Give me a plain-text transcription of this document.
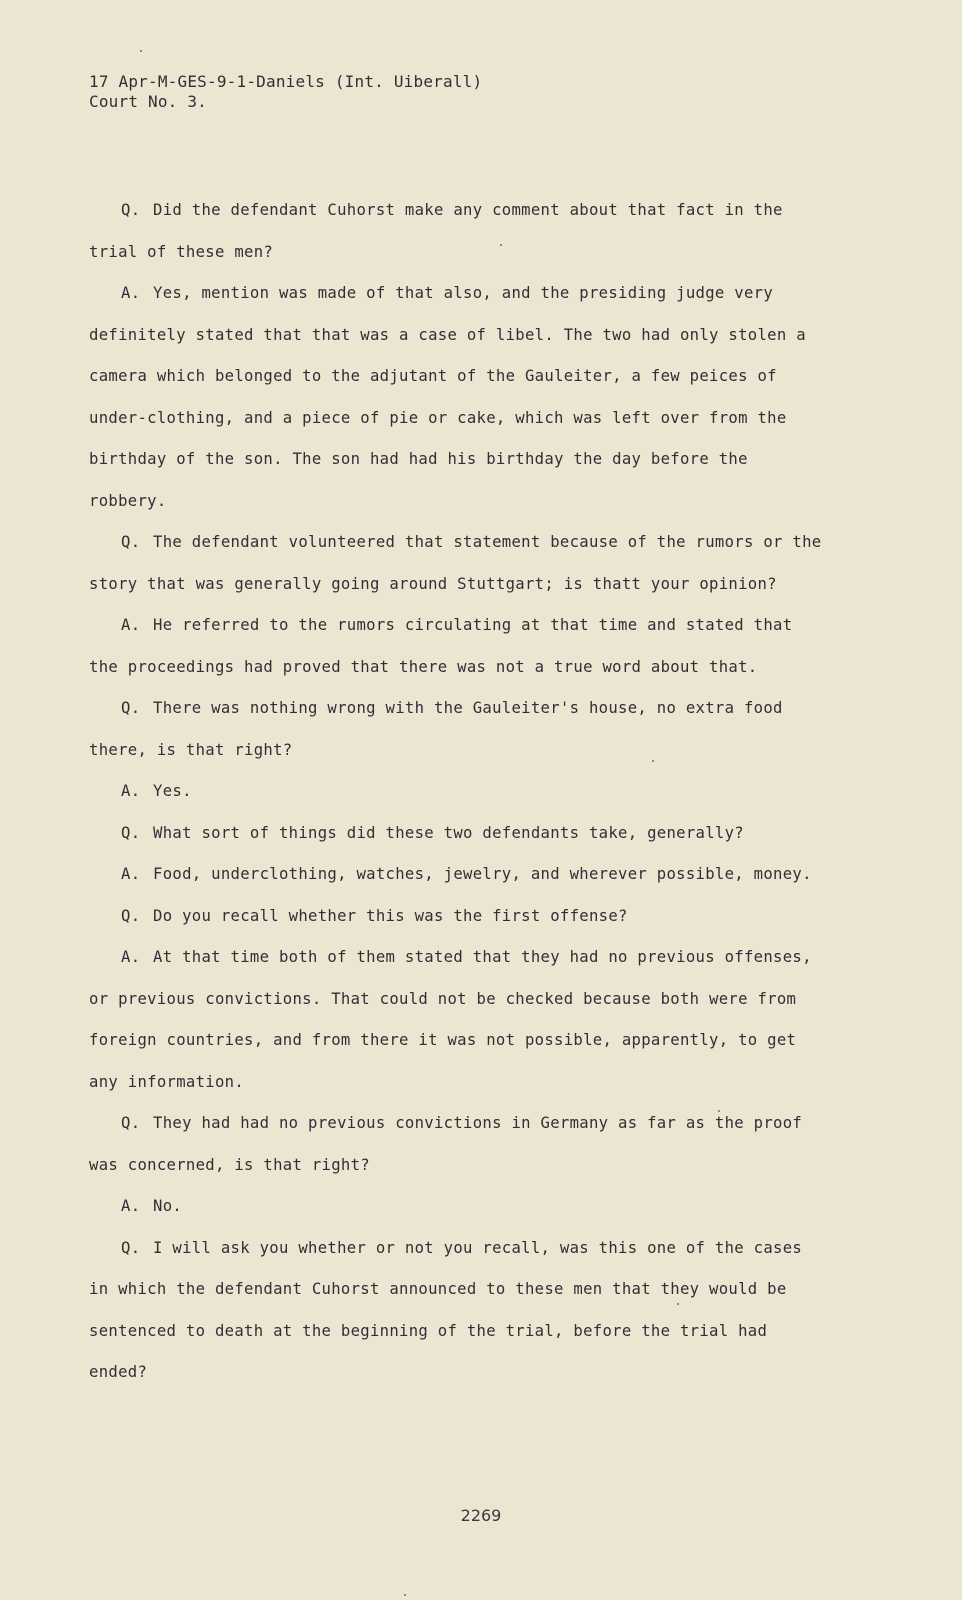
17 Apr-M-GES-9-1-Daniels (Int. Uiberall)
Court No. 3.

Q. Did the defendant Cuhorst make any comment about that fact in the trial of these men?

A. Yes, mention was made of that also, and the presiding judge very definitely stated that that was a case of libel. The two had only stolen a camera which belonged to the adjutant of the Gauleiter, a few peices of under-clothing, and a piece of pie or cake, which was left over from the birthday of the son. The son had had his birthday the day before the robbery.

Q. The defendant volunteered that statement because of the rumors or the story that was generally going around Stuttgart; is thatt your opinion?

A. He referred to the rumors circulating at that time and stated that the proceedings had proved that there was not a true word about that.

Q. There was nothing wrong with the Gauleiter's house, no extra food there, is that right?

A. Yes.

Q. What sort of things did these two defendants take, generally?

A. Food, underclothing, watches, jewelry, and wherever possible, money.

Q. Do you recall whether this was the first offense?

A. At that time both of them stated that they had no previous offenses, or previous convictions. That could not be checked because both were from foreign countries, and from there it was not possible, apparently, to get any information.

Q. They had had no previous convictions in Germany as far as the proof was concerned, is that right?

A. No.

Q. I will ask you whether or not you recall, was this one of the cases in which the defendant Cuhorst announced to these men that they would be sentenced to death at the beginning of the trial, before the trial had ended?

2269
